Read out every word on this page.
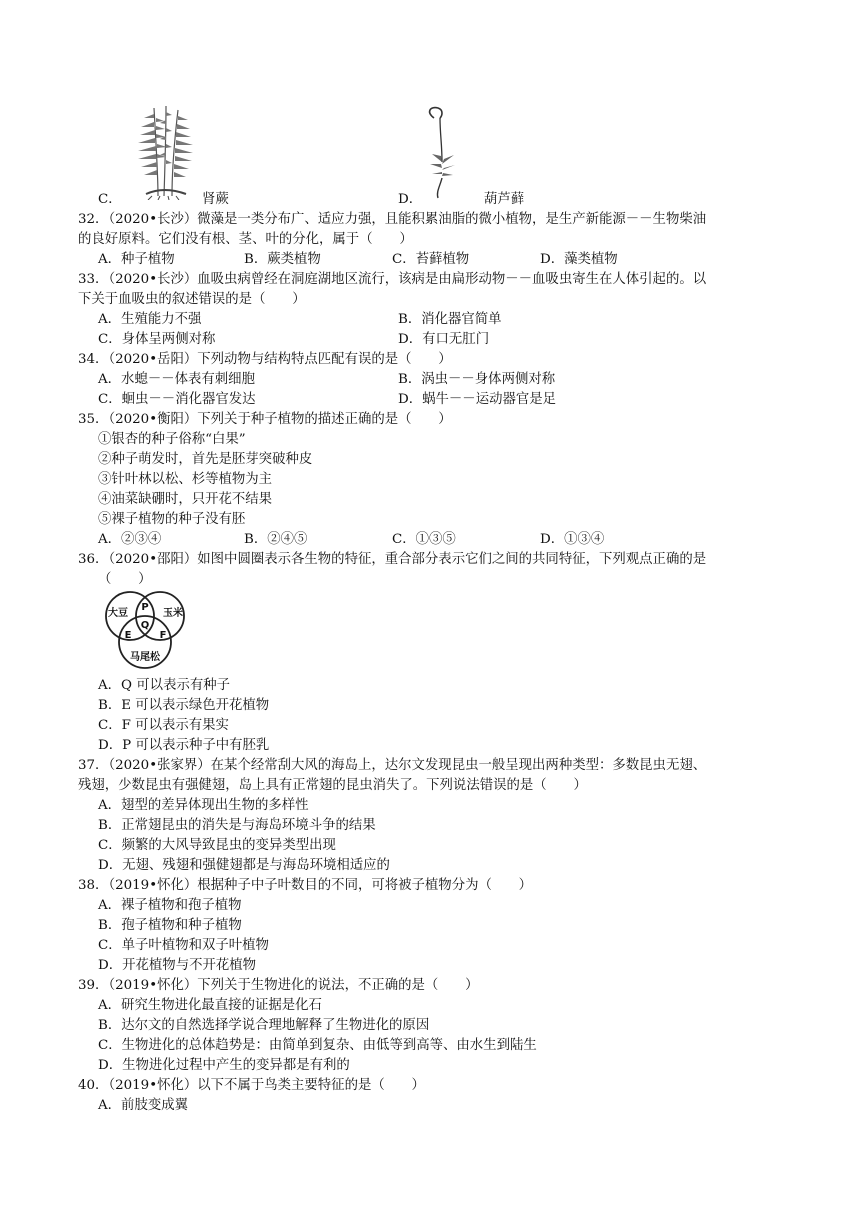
C．	肾蕨	D．	葫芦藓
32．（2020•长沙）微藻是一类分布广、适应力强，且能积累油脂的微小植物，是生产新能源－－生物柴油
的良好原料。它们没有根、茎、叶的分化，属于（　　）
A．种子植物	B．蕨类植物	C．苔藓植物	D．藻类植物
33．（2020•长沙）血吸虫病曾经在洞庭湖地区流行，该病是由扁形动物－－血吸虫寄生在人体引起的。以
下关于血吸虫的叙述错误的是（　　）
A．生殖能力不强	B．消化器官简单
C．身体呈两侧对称	D．有口无肛门
34．（2020•岳阳）下列动物与结构特点匹配有误的是（　　）
A．水螅－－体表有刺细胞	B．涡虫－－身体两侧对称
C．蛔虫－－消化器官发达	D．蜗牛－－运动器官是足
35．（2020•衡阳）下列关于种子植物的描述正确的是（　　）
①银杏的种子俗称“白果”
②种子萌发时，首先是胚芽突破种皮
③针叶林以松、杉等植物为主
④油菜缺硼时，只开花不结果
⑤裸子植物的种子没有胚
A．②③④	B．②④⑤	C．①③⑤	D．①③④
36．（2020•邵阳）如图中圆圈表示各生物的特征，重合部分表示它们之间的共同特征，下列观点正确的是
（　　）
大豆	玉米
马尾松
P
Q
E	F
A．Q 可以表示有种子
B．E 可以表示绿色开花植物
C．F 可以表示有果实
D．P 可以表示种子中有胚乳
37．（2020•张家界）在某个经常刮大风的海岛上，达尔文发现昆虫一般呈现出两种类型：多数昆虫无翅、
残翅，少数昆虫有强健翅，岛上具有正常翅的昆虫消失了。下列说法错误的是（　　）
A．翅型的差异体现出生物的多样性
B．正常翅昆虫的消失是与海岛环境斗争的结果
C．频繁的大风导致昆虫的变异类型出现
D．无翅、残翅和强健翅都是与海岛环境相适应的
38．（2019•怀化）根据种子中子叶数目的不同，可将被子植物分为（　　）
A．裸子植物和孢子植物
B．孢子植物和种子植物
C．单子叶植物和双子叶植物
D．开花植物与不开花植物
39．（2019•怀化）下列关于生物进化的说法，不正确的是（　　）
A．研究生物进化最直接的证据是化石
B．达尔文的自然选择学说合理地解释了生物进化的原因
C．生物进化的总体趋势是：由简单到复杂、由低等到高等、由水生到陆生
D．生物进化过程中产生的变异都是有利的
40．（2019•怀化）以下不属于鸟类主要特征的是（　　）
A．前肢变成翼
